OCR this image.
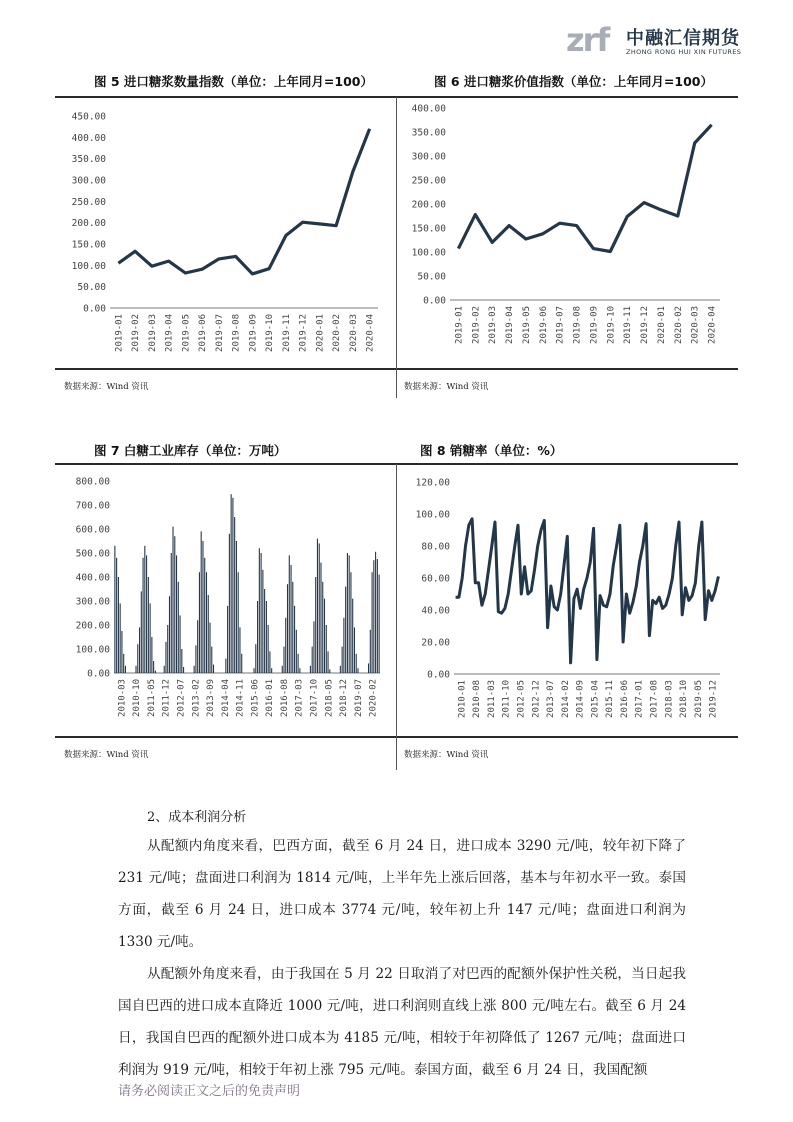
zrf 中融汇信期货
ZHONG RONG HUI XIN FUTURES
图 5 进口糖浆数量指数（单位：上年同月=100）	图 6 进口糖浆价值指数（单位：上年同月=100）
图 7 白糖工业库存（单位：万吨）	图 8 销糖率（单位：%）
数据来源：Wind 资讯	数据来源：Wind 资讯
数据来源：Wind 资讯	数据来源：Wind 资讯
0.00
50.00
100.00
150.00
200.00
250.00
300.00
350.00
400.00
450.00
2019-01 2019-02 2019-03 2019-04 2019-05 2019-06 2019-07 2019-08 2019-09 2019-10 2019-11 2019-12 2020-01 2020-02 2020-03 2020-04
0.00
50.00
100.00
150.00
200.00
250.00
300.00
350.00
400.00
2019-01 2019-02 2019-03 2019-04 2019-05 2019-06 2019-07 2019-08 2019-09 2019-10 2019-11 2019-12 2020-01 2020-02 2020-03 2020-04
0.00
100.00
200.00
300.00
400.00
500.00
600.00
700.00
800.00
2010-03 2010-10 2011-05 2011-12 2012-07 2013-02 2013-09 2014-04 2014-11 2015-06 2016-01 2016-08 2017-03 2017-10 2018-05 2018-12 2019-07 2020-02
0.00
20.00
40.00
60.00
80.00
100.00
120.00
2010-01 2010-08 2011-03 2011-10 2012-05 2012-12 2013-07 2014-02 2014-09 2015-04 2015-11 2016-06 2017-01 2017-08 2018-03 2018-10 2019-05 2019-12
2、成本利润分析

从配额内角度来看，巴西方面，截至 6 月 24 日，进口成本 3290 元/吨，较年初下降了 231 元/吨；盘面进口利润为 1814 元/吨，上半年先上涨后回落，基本与年初水平一致。泰国方面，截至 6 月 24 日，进口成本 3774 元/吨，较年初上升 147 元/吨；盘面进口利润为 1330 元/吨。

从配额外角度来看，由于我国在 5 月 22 日取消了对巴西的配额外保护性关税，当日起我国自巴西的进口成本直降近 1000 元/吨，进口利润则直线上涨 800 元/吨左右。截至 6 月 24 日，我国自巴西的配额外进口成本为 4185 元/吨，相较于年初降低了 1267 元/吨；盘面进口利润为 919 元/吨，相较于年初上涨 795 元/吨。泰国方面，截至 6 月 24 日，我国配额

请务必阅读正文之后的免责声明
